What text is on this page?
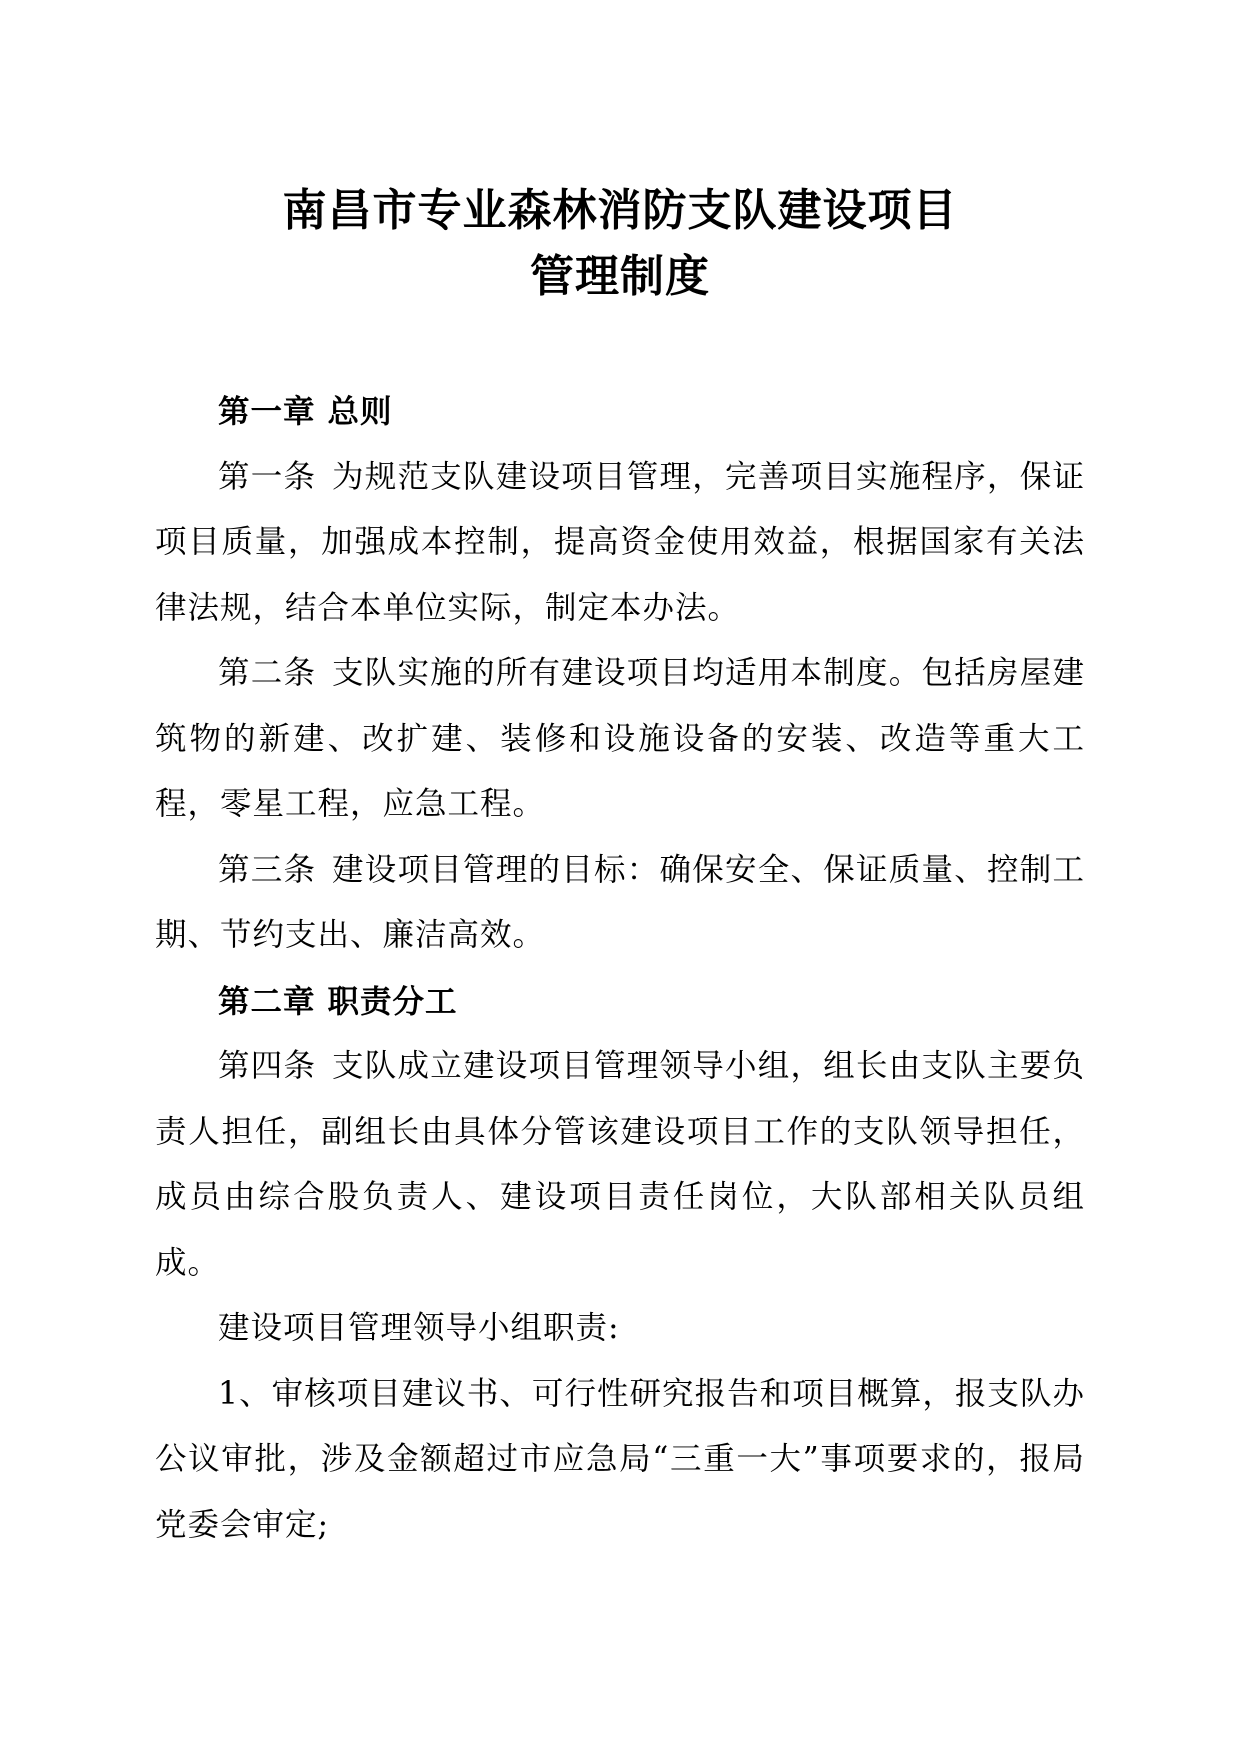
南昌市专业森林消防支队建设项目
管理制度

第一章 总则

第一条 为规范支队建设项目管理，完善项目实施程序，保证项目质量，加强成本控制，提高资金使用效益，根据国家有关法律法规，结合本单位实际，制定本办法。

第二条 支队实施的所有建设项目均适用本制度。包括房屋建筑物的新建、改扩建、装修和设施设备的安装、改造等重大工程，零星工程，应急工程。

第三条 建设项目管理的目标：确保安全、保证质量、控制工期、节约支出、廉洁高效。

第二章 职责分工

第四条 支队成立建设项目管理领导小组，组长由支队主要负责人担任，副组长由具体分管该建设项目工作的支队领导担任，成员由综合股负责人、建设项目责任岗位，大队部相关队员组成。

建设项目管理领导小组职责:

1、审核项目建议书、可行性研究报告和项目概算，报支队办公议审批，涉及金额超过市应急局“三重一大”事项要求的，报局党委会审定;
